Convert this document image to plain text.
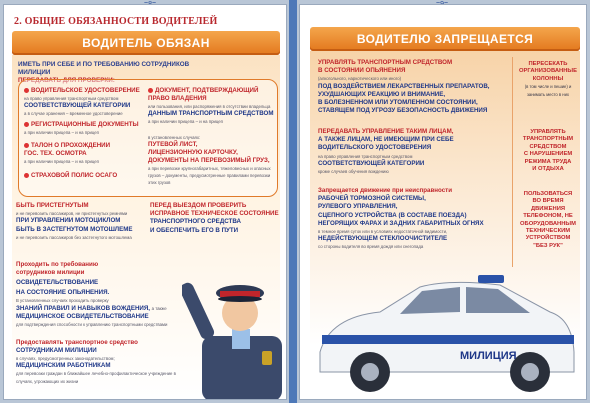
2. ОБЩИЕ ОБЯЗАННОСТИ ВОДИТЕЛЕЙ
ВОДИТЕЛЬ ОБЯЗАН
ИМЕТЬ ПРИ СЕБЕ И ПО ТРЕБОВАНИЮ СОТРУДНИКОВ МИЛИЦИИ
ПЕРЕДАВАТЬ ДЛЯ ПРОВЕРКИ:
ВОДИТЕЛЬСКОЕ УДОСТОВЕРЕНИЕ
на право управления транспортным средством
СООТВЕТСТВУЮЩЕЙ КАТЕГОРИИ
а в случае хранения – временное удостоверение
РЕГИСТРАЦИОННЫЕ ДОКУМЕНТЫ
а при наличии прицепа – и на прицеп
ТАЛОН О ПРОХОЖДЕНИИ
ГОС. ТЕХ. ОСМОТРА
а при наличии прицепа – и на прицеп
СТРАХОВОЙ ПОЛИС ОСАГО
ДОКУМЕНТ, ПОДТВЕРЖДАЮЩИЙ
ПРАВО ВЛАДЕНИЯ
или пользования, или распоряжения в отсутствии владельца
ДАННЫМ ТРАНСПОРТНЫМ СРЕДСТВОМ
а при наличии прицепа – и на прицеп
в установленных случаях:
ПУТЕВОЙ ЛИСТ,
ЛИЦЕНЗИОННУЮ КАРТОЧКУ,
ДОКУМЕНТЫ НА ПЕРЕВОЗИМЫЙ ГРУЗ,
а при перевозке крупногабаритных, тяжеловесных и опасных грузов – документы, предусмотренные правилами перевозки этих грузов
БЫТЬ ПРИСТЕГНУТЫМ
и не перевозить пассажиров, не пристегнутых ремнями
ПРИ УПРАВЛЕНИИ МОТОЦИКЛОМ
БЫТЬ В ЗАСТЕГНУТОМ МОТОШЛЕМЕ
и не перевозить пассажиров без застегнутого мотошлема
ПЕРЕД ВЫЕЗДОМ ПРОВЕРИТЬ
ИСПРАВНОЕ ТЕХНИЧЕСКОЕ СОСТОЯНИЕ
ТРАНСПОРТНОГО СРЕДСТВА
И ОБЕСПЕЧИТЬ ЕГО В ПУТИ
Проходить по требованию
сотрудников милиции
ОСВИДЕТЕЛЬСТВОВАНИЕ
НА СОСТОЯНИЕ ОПЬЯНЕНИЯ.
В установленных случаях проходить проверку
ЗНАНИЙ ПРАВИЛ И НАВЫКОВ ВОЖДЕНИЯ, а также
МЕДИЦИНСКОЕ ОСВИДЕТЕЛЬСТВОВАНИЕ
для подтверждения способности к управлению транспортными средствами
Предоставлять транспортное средство
СОТРУДНИКАМ МИЛИЦИИ
в случаях, предусмотренных законодательством;
МЕДИЦИНСКИМ РАБОТНИКАМ
для перевозки граждан в ближайшее лечебно-профилактическое учреждение в случаях, угрожающих их жизни
ВОДИТЕЛЮ ЗАПРЕЩАЕТСЯ
УПРАВЛЯТЬ ТРАНСПОРТНЫМ СРЕДСТВОМ
В СОСТОЯНИИ ОПЬЯНЕНИЯ
(алкогольного, наркотического или иного)
ПОД ВОЗДЕЙСТВИЕМ ЛЕКАРСТВЕННЫХ ПРЕПАРАТОВ,
УХУДШАЮЩИХ РЕАКЦИЮ И ВНИМАНИЕ,
В БОЛЕЗНЕННОМ ИЛИ УТОМЛЕННОМ СОСТОЯНИИ,
СТАВЯЩЕМ ПОД УГРОЗУ БЕЗОПАСНОСТЬ ДВИЖЕНИЯ
ПЕРЕДАВАТЬ УПРАВЛЕНИЕ ТАКИМ ЛИЦАМ,
А ТАКЖЕ ЛИЦАМ, НЕ ИМЕЮЩИМ ПРИ СЕБЕ
ВОДИТЕЛЬСКОГО УДОСТОВЕРЕНИЯ
на право управления транспортным средством
СООТВЕТСТВУЮЩЕЙ КАТЕГОРИИ
кроме случаев обучения вождению
Запрещается движение при неисправности
РАБОЧЕЙ ТОРМОЗНОЙ СИСТЕМЫ,
РУЛЕВОГО УПРАВЛЕНИЯ,
СЦЕПНОГО УСТРОЙСТВА (В СОСТАВЕ ПОЕЗДА)
НЕГОРЯЩИХ ФАРАХ И ЗАДНИХ ГАБАРИТНЫХ ОГНЯХ
в темное время суток или в условиях недостаточной видимости,
НЕДЕЙСТВУЮЩЕМ СТЕКЛООЧИСТИТЕЛЕ
со стороны водителя во время дождя или снегопада
ПЕРЕСЕКАТЬ
ОРГАНИЗОВАННЫЕ
КОЛОННЫ
(в том числе и пешие) и занимать место в них
УПРАВЛЯТЬ
ТРАНСПОРТНЫМ
СРЕДСТВОМ
С НАРУШЕНИЕМ
РЕЖИМА ТРУДА
И ОТДЫХА
ПОЛЬЗОВАТЬСЯ
ВО ВРЕМЯ
ДВИЖЕНИЯ
ТЕЛЕФОНОМ, НЕ
ОБОРУДОВАННЫМ
ТЕХНИЧЕСКИМ
УСТРОЙСТВОМ
"БЕЗ РУК"
МИЛИЦИЯ
